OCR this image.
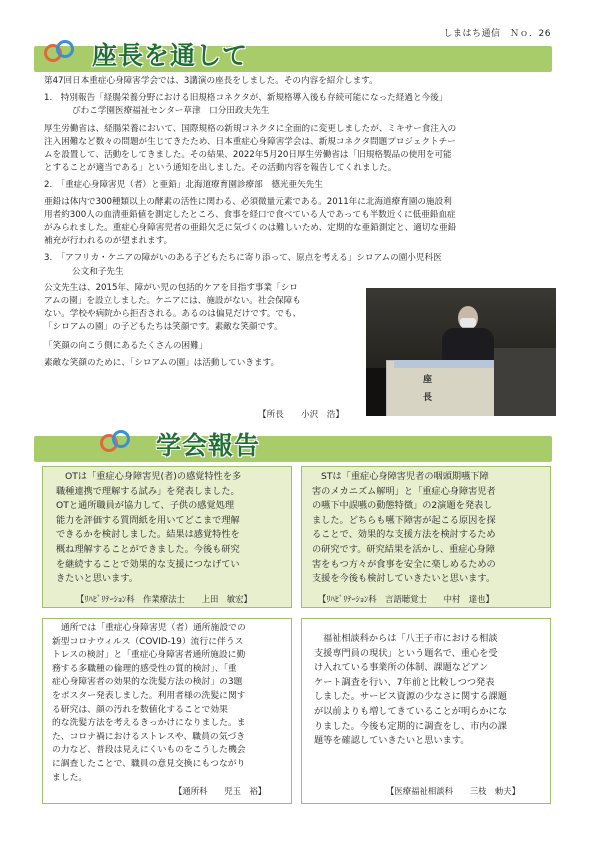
しまはち通信　Ｎｏ．26
座長を通して
第47回日本重症心身障害学会では、3講演の座長をしました。その内容を紹介します。
1.　特別報告「経腸栄養分野における旧規格コネクタが、新規格導入後も存続可能になった経過と今後」
びわこ学園医療福祉センター草津　口分田政夫先生
厚生労働省は、経腸栄養において、国際規格の新規コネクタに全面的に変更しましたが、ミキサー食注入の
注入困難など数々の問題が生じてきたため、日本重症心身障害学会は、新規コネクタ問題プロジェクトチー
ムを設置して、活動をしてきました。その結果、2022年5月20日厚生労働省は「旧規格製品の使用を可能
とすることが適当である」という通知を出しました。その活動内容を報告してくれました。
2.　「重症心身障害児（者）と亜鉛」北海道療育園診療部　德光亜矢先生
亜鉛は体内で300種類以上の酵素の活性に関わる、必須微量元素である。2011年に北海道療育園の施設利
用者約300人の血清亜鉛値を測定したところ、食事を経口で食べている人であっても半数近くに低亜鉛血症
がみられました。重症心身障害児者の亜鉛欠乏に気づくのは難しいため、定期的な亜鉛測定と、適切な亜鉛
補充が行われるのが望まれます。
3.　「アフリカ・ケニアの障がいのある子どもたちに寄り添って、原点を考える」シロアムの園小児科医
公文和子先生
公文先生は、2015年、障がい児の包括的ケアを目指す事業「シロ
アムの園」を設立しました。ケニアには、施設がない。社会保障も
ない。学校や病院から拒否される。あるのは偏見だけです。でも、
「シロアムの園」の子どもたちは笑顔です。素敵な笑顔です。
「笑顔の向こう側にあるたくさんの困難」
素敵な笑顔のために、「シロアムの園」は活動していきます。
【所長　　小沢　浩】
座　長
学会報告
OTは「重症心身障害児(者)の感覚特性を多
職種連携で理解する試み」を発表しました。
OTと通所職員が協力して、子供の感覚処理
能力を評価する質問紙を用いてどこまで理解
できるかを検討しました。結果は感覚特性を
概ね理解することができました。今後も研究
を継続することで効果的な支援につなげてい
きたいと思います。
【ﾘﾊﾋﾞﾘﾃｰｼｮﾝ科　作業療法士　　上田　敏宏】
STは「重症心身障害児者の咽頭期嚥下障
害のメカニズム解明」と「重症心身障害児者
の嚥下中誤嚥の動態特徴」の2演題を発表し
ました。どちらも嚥下障害が起こる原因を探
ることで、効果的な支援方法を検討するため
の研究です。研究結果を活かし、重症心身障
害をもつ方々が食事を安全に楽しめるための
支援を今後も検討していきたいと思います。
【ﾘﾊﾋﾞﾘﾃｰｼｮﾝ科　言語聴覚士　　中村　達也】
通所では「重症心身障害児（者）通所施設での
新型コロナウィルス（COVID-19）流行に伴うス
トレスの検討」と「重症心身障害者通所施設に勤
務する多職種の倫理的感受性の質的検討」、「重
症心身障害者の効果的な洗髪方法の検討」の3題
をポスター発表しました。利用者様の洗髪に関す
る研究は、顔の汚れを数値化することで効果
的な洗髪方法を考えるきっかけになりました。ま
た、コロナ禍におけるストレスや、職員の気づき
の力など、普段は見えにくいものをこうした機会
に調査したことで、職員の意見交換にもつながり
ました。
【通所科　　児玉　裕】
福祉相談科からは「八王子市における相談
支援専門員の現状」という題名で、重心を受
け入れている事業所の体制、課題などアン
ケート調査を行い、7年前と比較しつつ発表
しました。サービス資源の少なさに関する課題
が以前よりも増してきていることが明らかにな
りました。今後も定期的に調査をし、市内の課
題等を確認していきたいと思います。
【医療福祉相談科　　三枝　勅夫】
